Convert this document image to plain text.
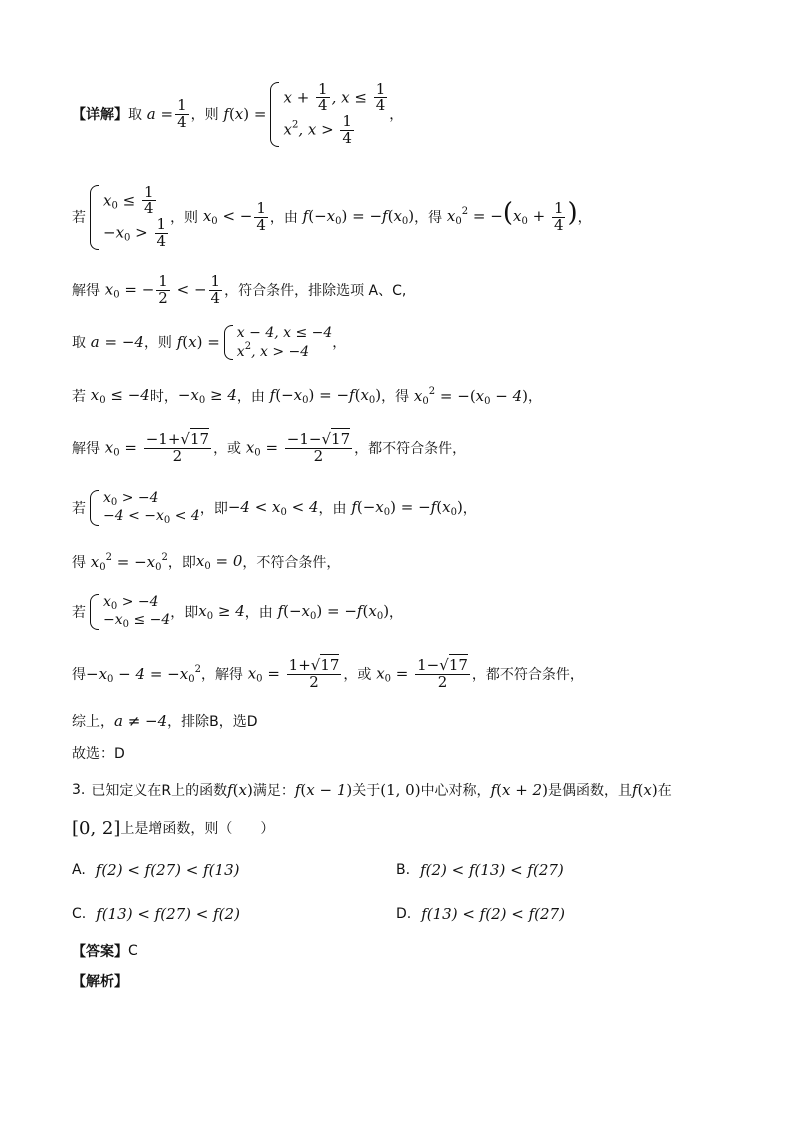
【详解】 取 $a = \frac{1}{4}$ ，则 f(x) =
$x + \frac{1}{4}$ , $x \le \frac{1}{4}$
$x^2$, $x > \frac{1}{4}$	，
若
$x_0 \le \frac{1}{4}$
$-x_0 > \frac{1}{4}$ ，则 $x_0$ < − $\frac{1}{4}$ ，由 $f(-x_0) = -f(x_0)$ ，得 $x_0^2 = -(x_0 + \frac{1}{4}$ ) ，
解得 $x_0$ = − $\frac{1}{2}$ < − $\frac{1}{4}$ ，符合条件，排除选项 A、C,
取 a = −4 ，则 f(x) =
x − 4, x ≤ −4
$x^2$, x > −4
，
若 $x_0 \le -4$ 时， $-x_0 \ge 4$ ，由 $f(-x_0) = -f(x_0)$ ，得 $x_0^2 = -(x_0 - 4)$ ，
解得 $x_0 = \frac{-1+√17}{2}$ ，或 $x_0 = \frac{-1-√17}{2}$ ，都不符合条件，
若
$x_0 > -4$
$-4 < -x_0 < 4$ ，即 $-4 < x_0 < 4$ ，由 $f(-x_0) = -f(x_0)$ ，
得 $x_0^2 = -x_0^2$ ，即 $x_0 = 0$ ，不符合条件，
若
$x_0 > -4$
$-x_0 \le -4$ ，即 $x_0 \ge 4$ ，由 $f(-x_0) = -f(x_0)$ ，
得 $-x_0 - 4 = -x_0^2$ ， 解得 $x_0 = \frac{1+√17}{2}$ ，或 $x_0 = \frac{1-√17}{2}$ ，都不符合条件，
综上， a ≠ −4 ，排除B，选D
故选：D
3. 已知定义在R上的函数 f(x) 满足： f(x − 1) 关于 (1, 0) 中心对称， f(x + 2) 是偶函数，且 f(x) 在
[0, 2] 上是增函数，则（　　）
A. f(2) < f(27) < f(13)	B. f(2) < f(13) < f(27)
C. f(13) < f(27) < f(2)	D. f(13) < f(2) < f(27)
【答案】 C
【解析】
